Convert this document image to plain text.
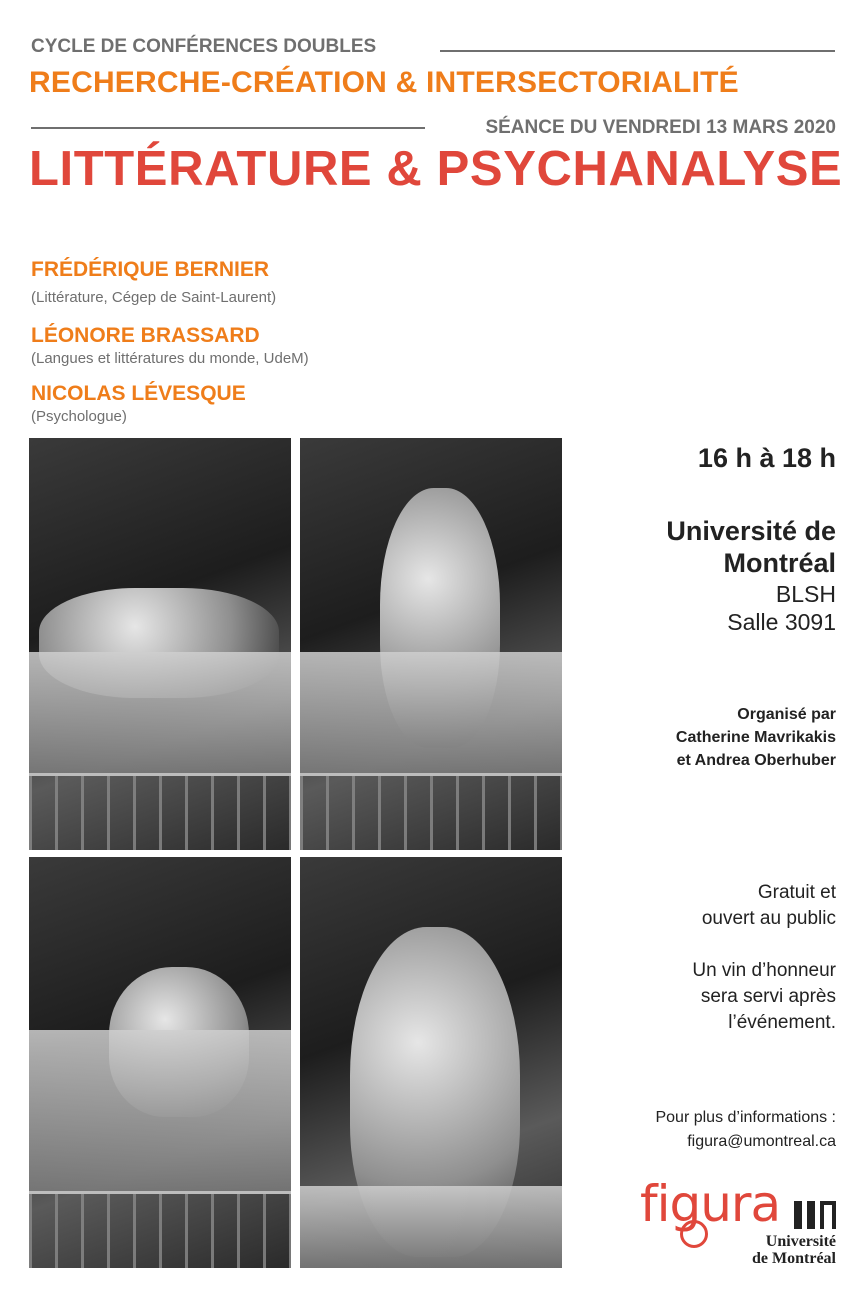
CYCLE DE CONFÉRENCES DOUBLES
RECHERCHE-CRÉATION & INTERSECTORIALITÉ
SÉANCE DU VENDREDI 13 MARS 2020
LITTÉRATURE & PSYCHANALYSE
FRÉDÉRIQUE BERNIER
(Littérature, Cégep de Saint-Laurent)
LÉONORE BRASSARD
(Langues et littératures du monde, UdeM)
NICOLAS LÉVESQUE
(Psychologue)
16 h à 18 h
Université de
Montréal
BLSH
Salle 3091
Organisé par
Catherine Mavrikakis
et Andrea Oberhuber
Gratuit et
ouvert au public
Un vin d’honneur
sera servi après
l’événement.
Pour plus d’informations :
figura@umontreal.ca
figura
Université
de Montréal
